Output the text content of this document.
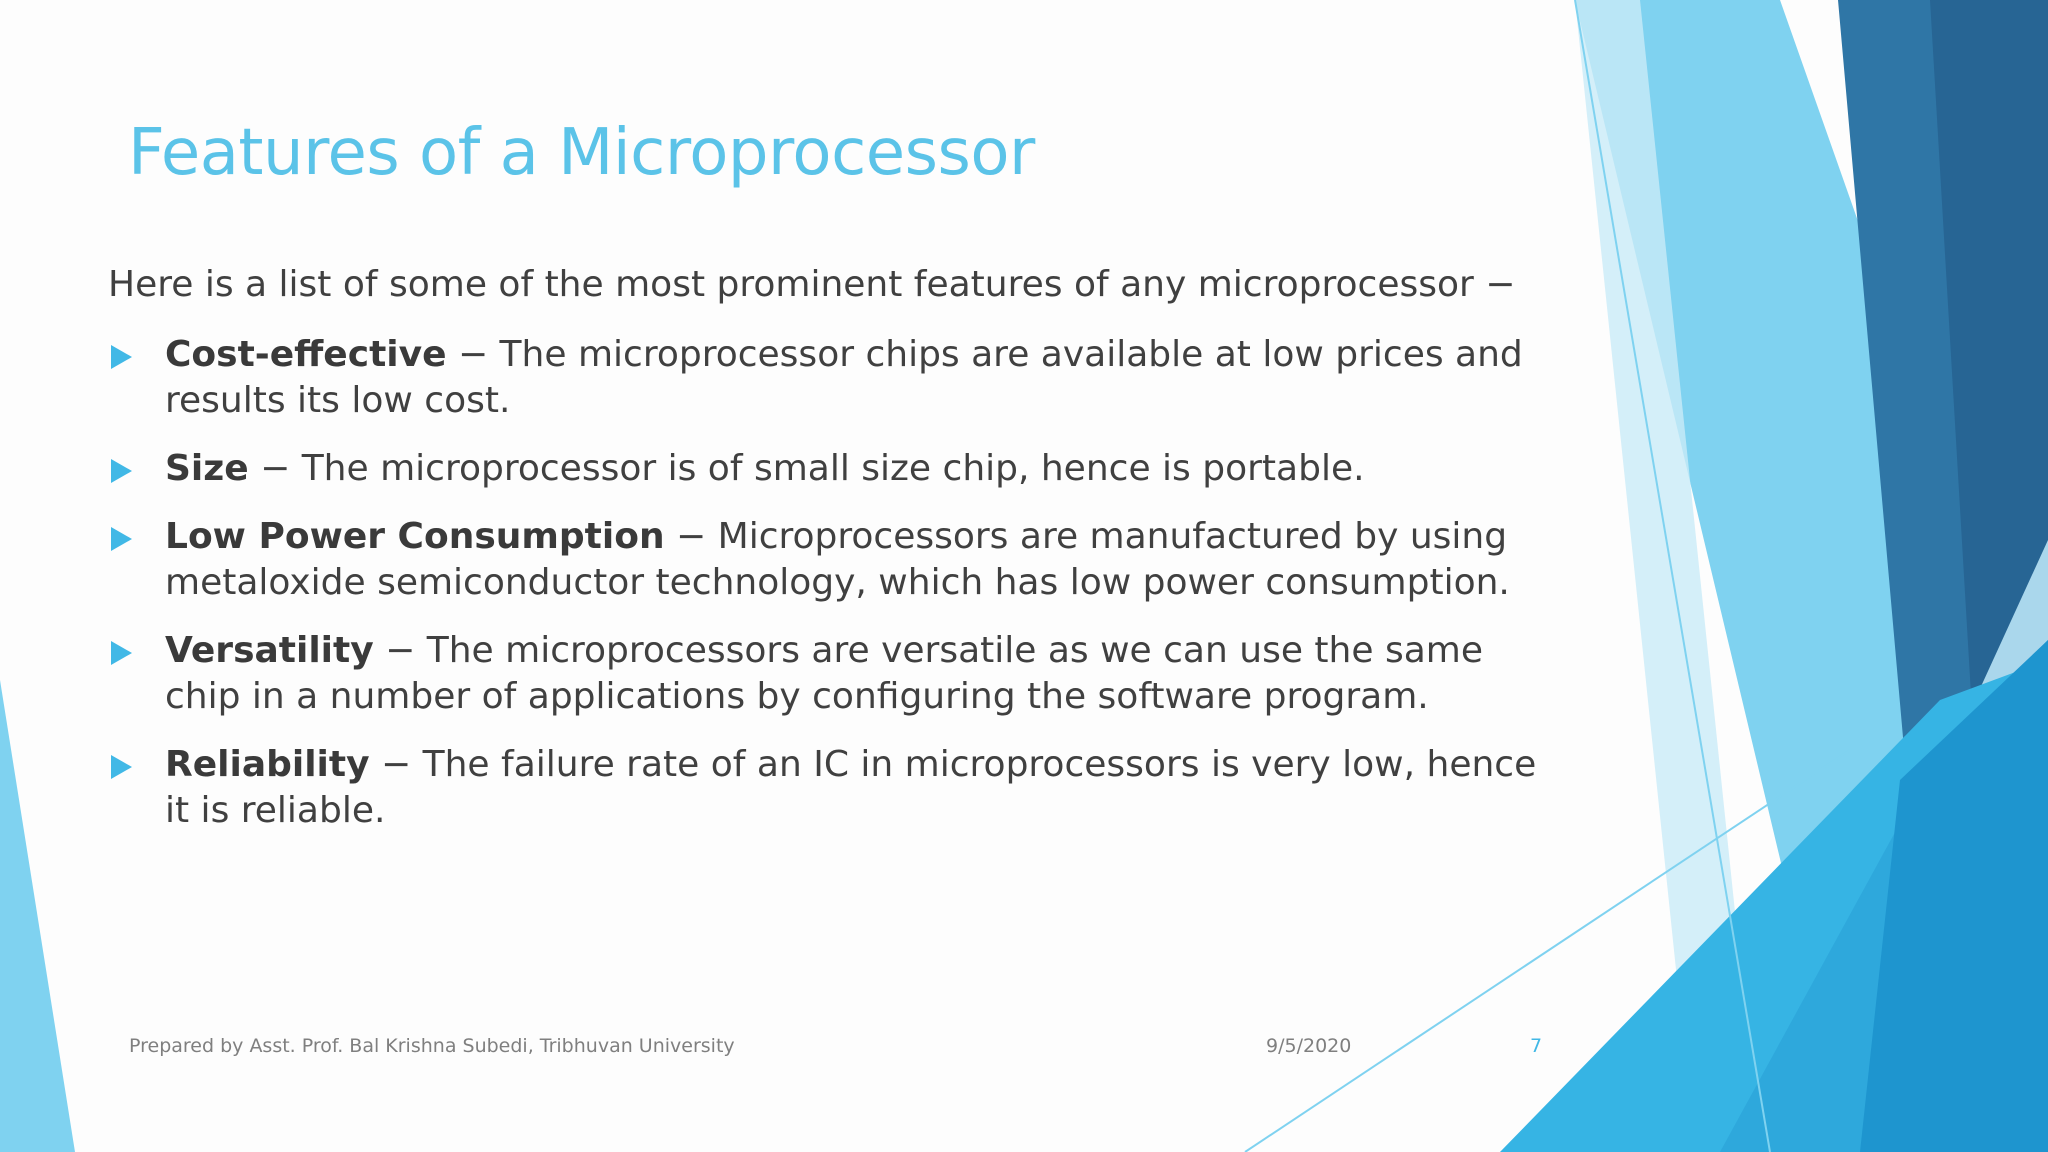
Features of a Microprocessor

Here is a list of some of the most prominent features of any microprocessor −

Cost-effective − The microprocessor chips are available at low prices and results its low cost.
Size − The microprocessor is of small size chip, hence is portable.
Low Power Consumption − Microprocessors are manufactured by using metaloxide semiconductor technology, which has low power consumption.
Versatility − The microprocessors are versatile as we can use the same chip in a number of applications by configuring the software program.
Reliability − The failure rate of an IC in microprocessors is very low, hence it is reliable.
Prepared by Asst. Prof. Bal Krishna Subedi, Tribhuvan University	9/5/2020	7
